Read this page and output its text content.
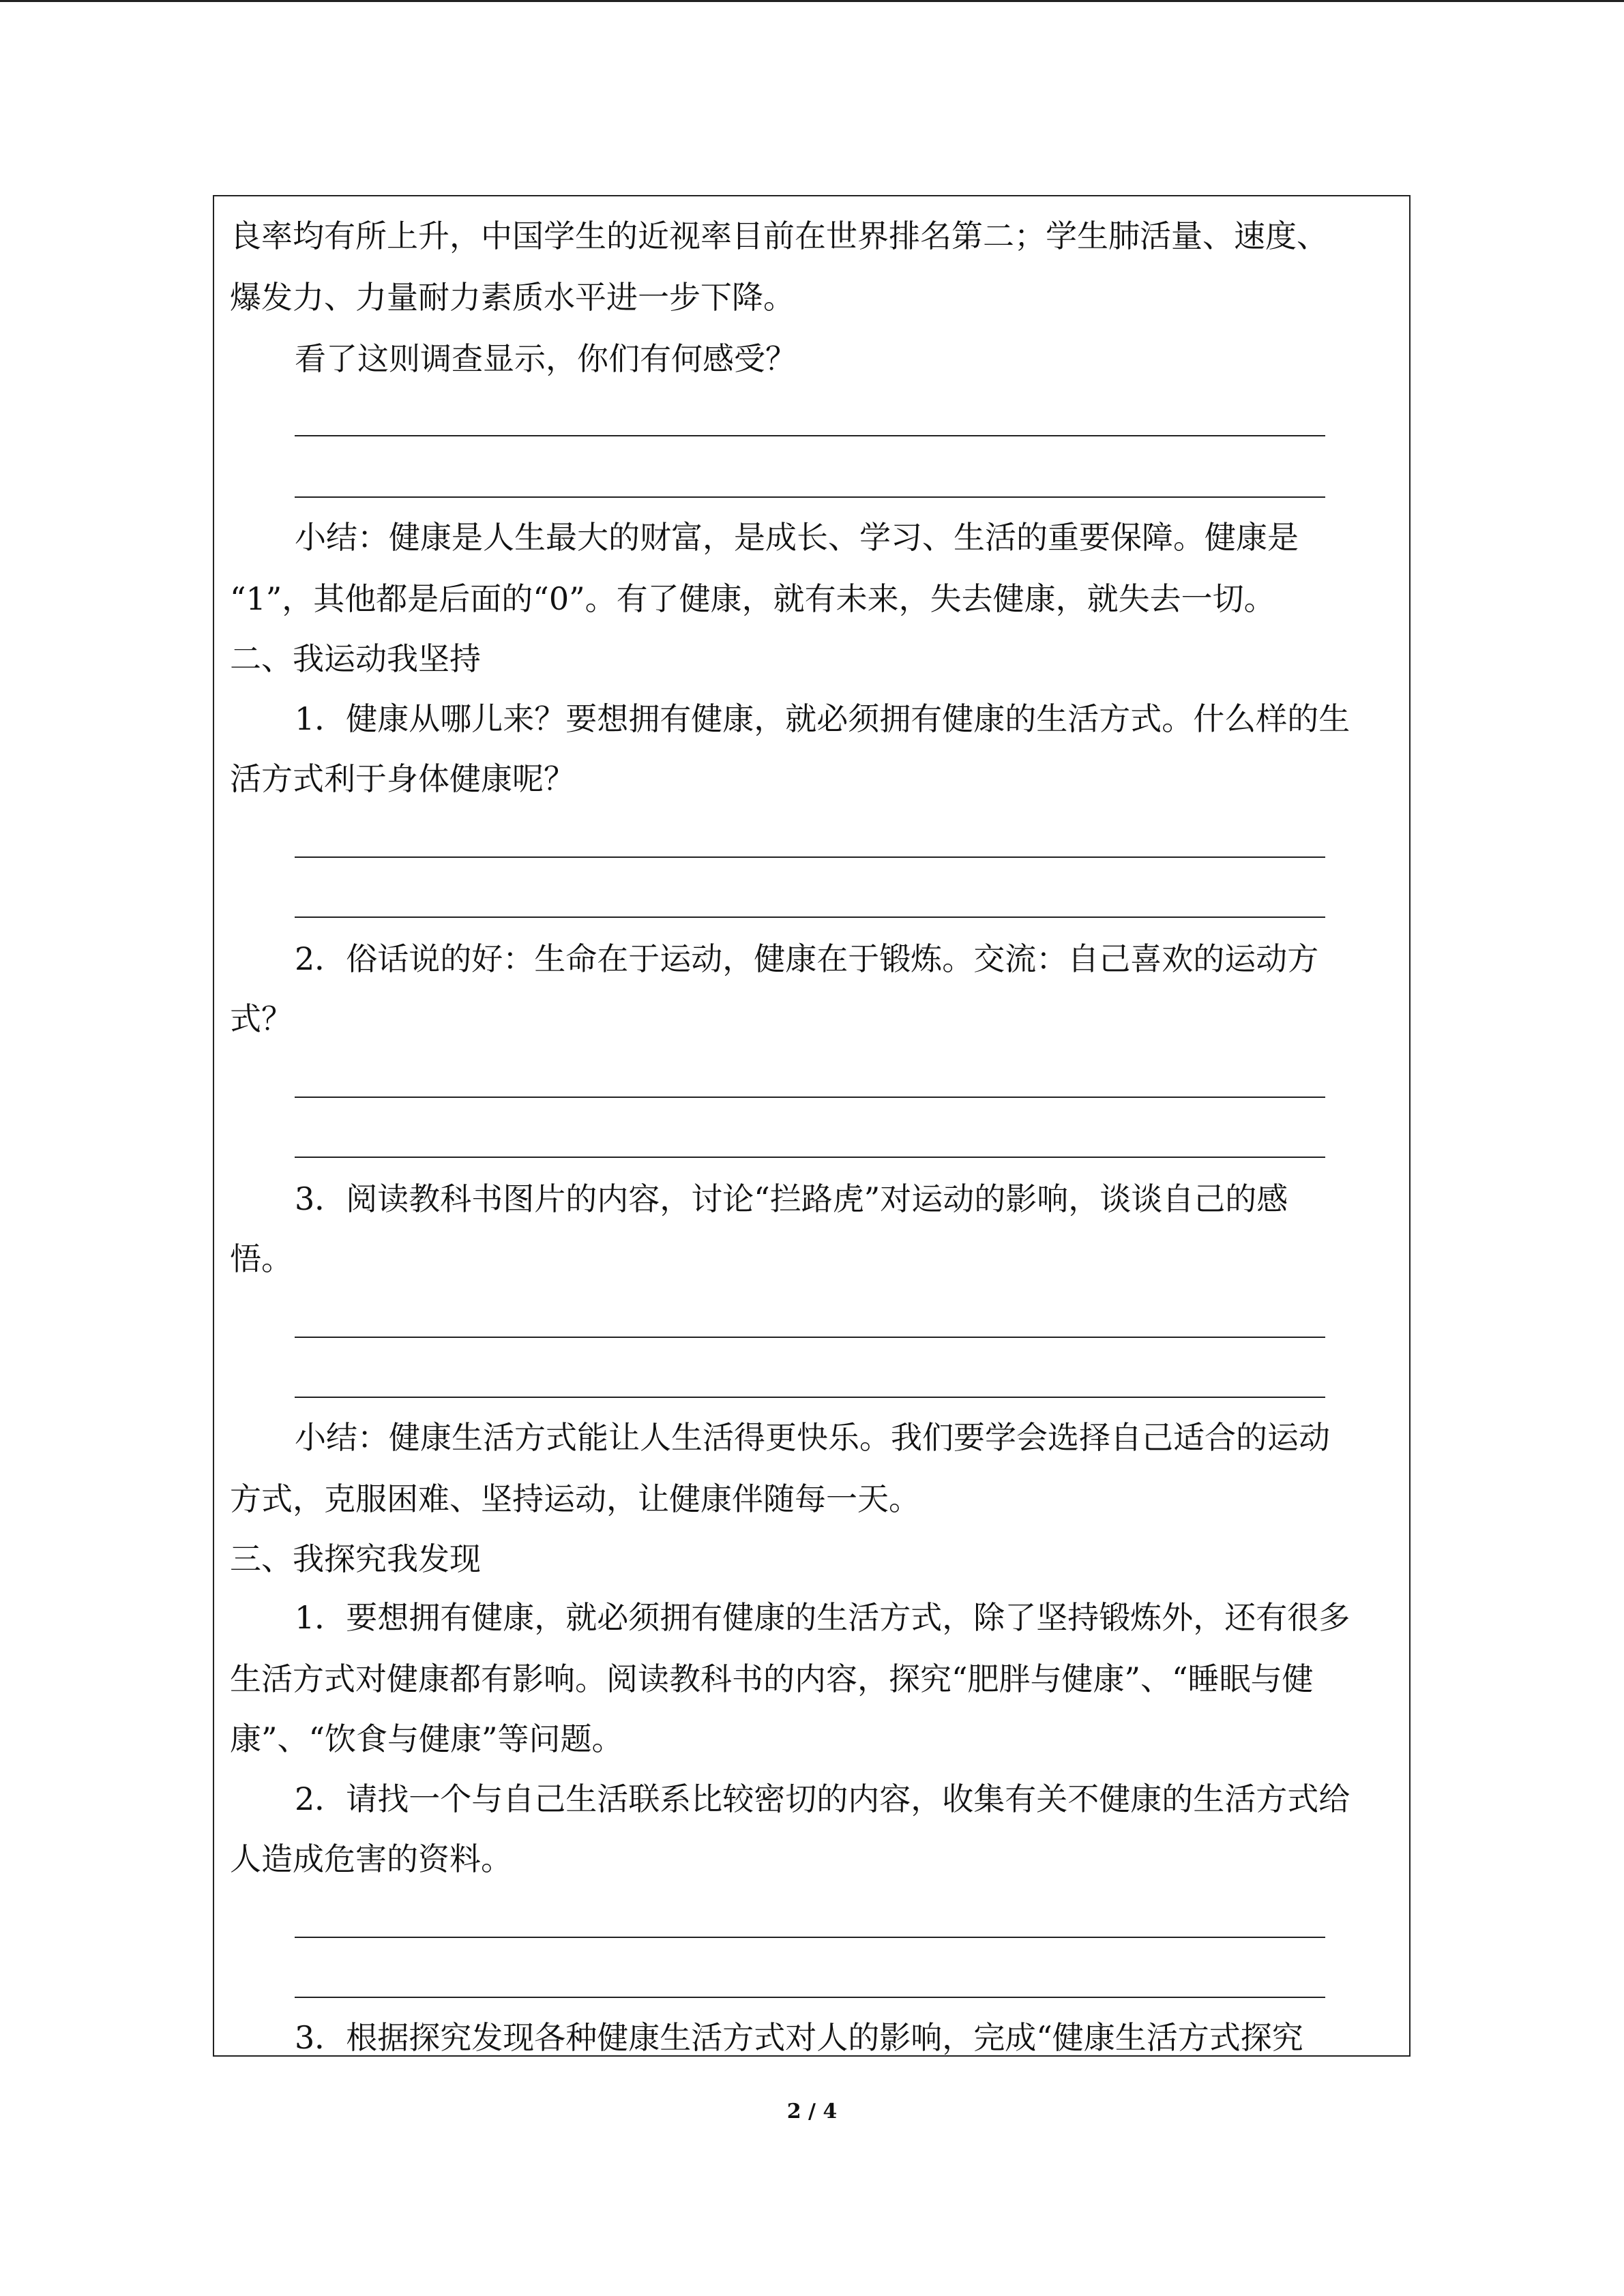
良率均有所上升，中国学生的近视率目前在世界排名第二；学生肺活量、速度、
爆发力、力量耐力素质水平进一步下降。
看了这则调查显示，你们有何感受？
小结：健康是人生最大的财富，是成长、学习、生活的重要保障。健康是
“1”，其他都是后面的“0”。有了健康，就有未来，失去健康，就失去一切。
二、我运动我坚持
1．健康从哪儿来？要想拥有健康，就必须拥有健康的生活方式。什么样的生
活方式利于身体健康呢？
2．俗话说的好：生命在于运动，健康在于锻炼。交流：自己喜欢的运动方
式？
3．阅读教科书图片的内容，讨论“拦路虎”对运动的影响，谈谈自己的感
悟。
小结：健康生活方式能让人生活得更快乐。我们要学会选择自己适合的运动
方式，克服困难、坚持运动，让健康伴随每一天。
三、我探究我发现
1．要想拥有健康，就必须拥有健康的生活方式，除了坚持锻炼外，还有很多
生活方式对健康都有影响。阅读教科书的内容，探究“肥胖与健康”、“睡眠与健
康”、“饮食与健康”等问题。
2．请找一个与自己生活联系比较密切的内容，收集有关不健康的生活方式给
人造成危害的资料。
3．根据探究发现各种健康生活方式对人的影响，完成“健康生活方式探究
2 / 4
